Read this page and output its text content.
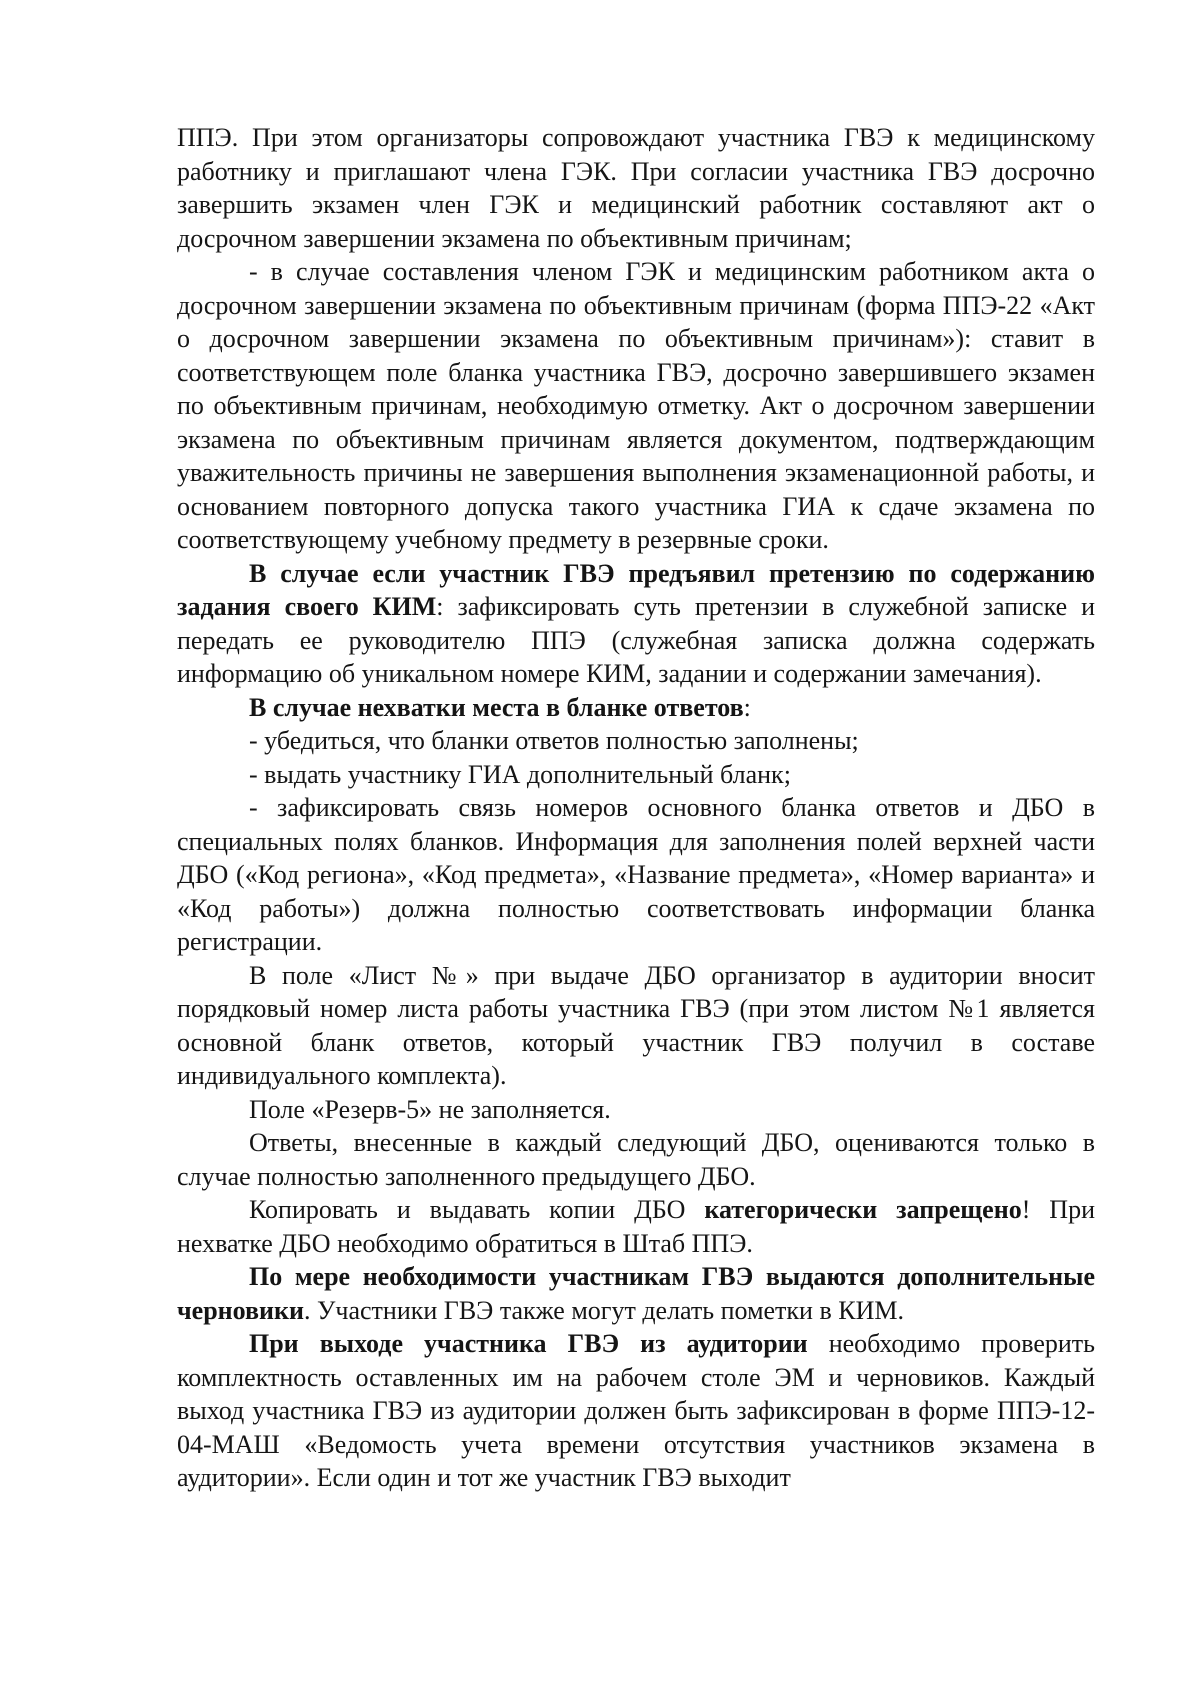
ППЭ. При этом организаторы сопровождают участника ГВЭ к медицинскому работнику и приглашают члена ГЭК. При согласии участника ГВЭ досрочно завершить экзамен член ГЭК и медицинский работник составляют акт о досрочном завершении экзамена по объективным причинам;

- в случае составления членом ГЭК и медицинским работником акта о досрочном завершении экзамена по объективным причинам (форма ППЭ-22 «Акт о досрочном завершении экзамена по объективным причинам»): ставит в соответствующем поле бланка участника ГВЭ, досрочно завершившего экзамен по объективным причинам, необходимую отметку. Акт о досрочном завершении экзамена по объективным причинам является документом, подтверждающим уважительность причины не завершения выполнения экзаменационной работы, и основанием повторного допуска такого участника ГИА к сдаче экзамена по соответствующему учебному предмету в резервные сроки.

В случае если участник ГВЭ предъявил претензию по содержанию задания своего КИМ: зафиксировать суть претензии в служебной записке и передать ее руководителю ППЭ (служебная записка должна содержать информацию об уникальном номере КИМ, задании и содержании замечания).

В случае нехватки места в бланке ответов:

- убедиться, что бланки ответов полностью заполнены;

- выдать участнику ГИА дополнительный бланк;

- зафиксировать связь номеров основного бланка ответов и ДБО в специальных полях бланков. Информация для заполнения полей верхней части ДБО («Код региона», «Код предмета», «Название предмета», «Номер варианта» и «Код работы») должна полностью соответствовать информации бланка регистрации.

В поле «Лист №» при выдаче ДБО организатор в аудитории вносит порядковый номер листа работы участника ГВЭ (при этом листом №1 является основной бланк ответов, который участник ГВЭ получил в составе индивидуального комплекта).

Поле «Резерв-5» не заполняется.

Ответы, внесенные в каждый следующий ДБО, оцениваются только в случае полностью заполненного предыдущего ДБО.

Копировать и выдавать копии ДБО категорически запрещено! При нехватке ДБО необходимо обратиться в Штаб ППЭ.

По мере необходимости участникам ГВЭ выдаются дополнительные черновики. Участники ГВЭ также могут делать пометки в КИМ.

При выходе участника ГВЭ из аудитории необходимо проверить комплектность оставленных им на рабочем столе ЭМ и черновиков. Каждый выход участника ГВЭ из аудитории должен быть зафиксирован в форме ППЭ-12-04-МАШ «Ведомость учета времени отсутствия участников экзамена в аудитории». Если один и тот же участник ГВЭ выходит
